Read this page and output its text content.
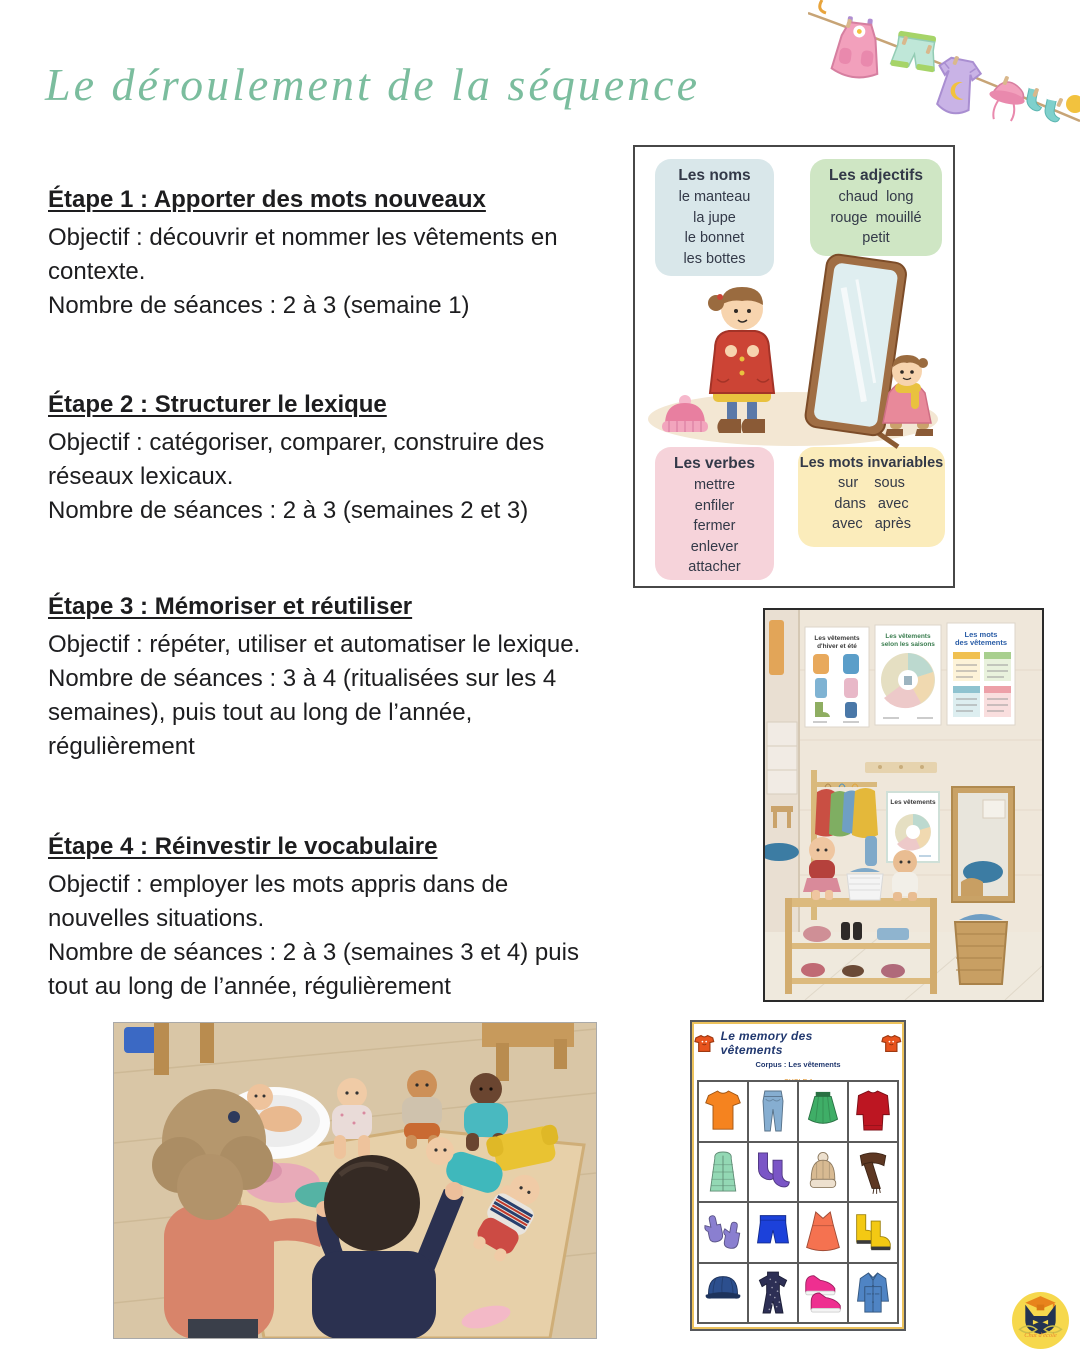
Le déroulement de la séquence
Étape 1 : Apporter des mots nouveaux
Objectif : découvrir et nommer les vêtements en
contexte.
Nombre de séances : 2 à 3 (semaine 1)
Étape 2 : Structurer le lexique
Objectif : catégoriser, comparer, construire des
réseaux lexicaux.
Nombre de séances : 2 à 3 (semaines 2 et 3)
Étape 3 : Mémoriser et réutiliser
Objectif : répéter, utiliser et automatiser le lexique.
Nombre de séances : 3 à 4 (ritualisées sur les 4
semaines), puis tout au long de l’année,
régulièrement
Étape 4 : Réinvestir le vocabulaire
Objectif : employer les mots appris dans de
nouvelles situations.
Nombre de séances : 2 à 3 (semaines 3 et 4) puis
tout au long de l’année, régulièrement
Les noms
le manteau
la jupe
le bonnet
les bottes
Les adjectifs
chaud  long
rouge  mouillé
petit
Les verbes
mettre
enfiler
fermer
enlever
attacher
Les mots invariables
sur    sous
dans   avec
avec   après
Les vêtements d'hiver et été
Les vêtements selon les saisons
Les mots des vêtements
Les vêtements
Le memory des vêtements
Corpus : Les vêtements
Chat d'école
